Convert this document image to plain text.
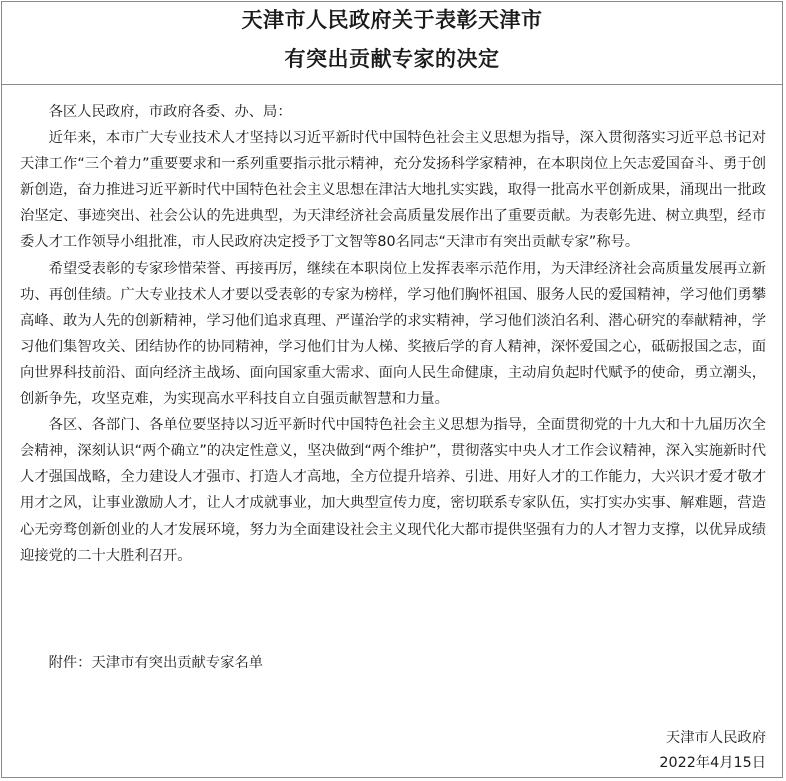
天津市人民政府关于表彰天津市
有突出贡献专家的决定

各区人民政府，市政府各委、办、局：

近年来，本市广大专业技术人才坚持以习近平新时代中国特色社会主义思想为指导，深入贯彻落实习近平总书记对天津工作“三个着力”重要要求和一系列重要指示批示精神，充分发扬科学家精神，在本职岗位上矢志爱国奋斗、勇于创新创造，奋力推进习近平新时代中国特色社会主义思想在津沽大地扎实实践，取得一批高水平创新成果，涌现出一批政治坚定、事迹突出、社会公认的先进典型，为天津经济社会高质量发展作出了重要贡献。为表彰先进、树立典型，经市委人才工作领导小组批准，市人民政府决定授予丁文智等80名同志“天津市有突出贡献专家”称号。

希望受表彰的专家珍惜荣誉、再接再厉，继续在本职岗位上发挥表率示范作用，为天津经济社会高质量发展再立新功、再创佳绩。广大专业技术人才要以受表彰的专家为榜样，学习他们胸怀祖国、服务人民的爱国精神，学习他们勇攀高峰、敢为人先的创新精神，学习他们追求真理、严谨治学的求实精神，学习他们淡泊名利、潜心研究的奉献精神，学习他们集智攻关、团结协作的协同精神，学习他们甘为人梯、奖掖后学的育人精神，深怀爱国之心，砥砺报国之志，面向世界科技前沿、面向经济主战场、面向国家重大需求、面向人民生命健康，主动肩负起时代赋予的使命，勇立潮头，创新争先，攻坚克难，为实现高水平科技自立自强贡献智慧和力量。

各区、各部门、各单位要坚持以习近平新时代中国特色社会主义思想为指导，全面贯彻党的十九大和十九届历次全会精神，深刻认识“两个确立”的决定性意义，坚决做到“两个维护”，贯彻落实中央人才工作会议精神，深入实施新时代人才强国战略，全力建设人才强市、打造人才高地，全方位提升培养、引进、用好人才的工作能力，大兴识才爱才敬才用才之风，让事业激励人才，让人才成就事业，加大典型宣传力度，密切联系专家队伍，实打实办实事、解难题，营造心无旁骛创新创业的人才发展环境，努力为全面建设社会主义现代化大都市提供坚强有力的人才智力支撑，以优异成绩迎接党的二十大胜利召开。

附件：天津市有突出贡献专家名单
天津市人民政府
2022年4月15日
